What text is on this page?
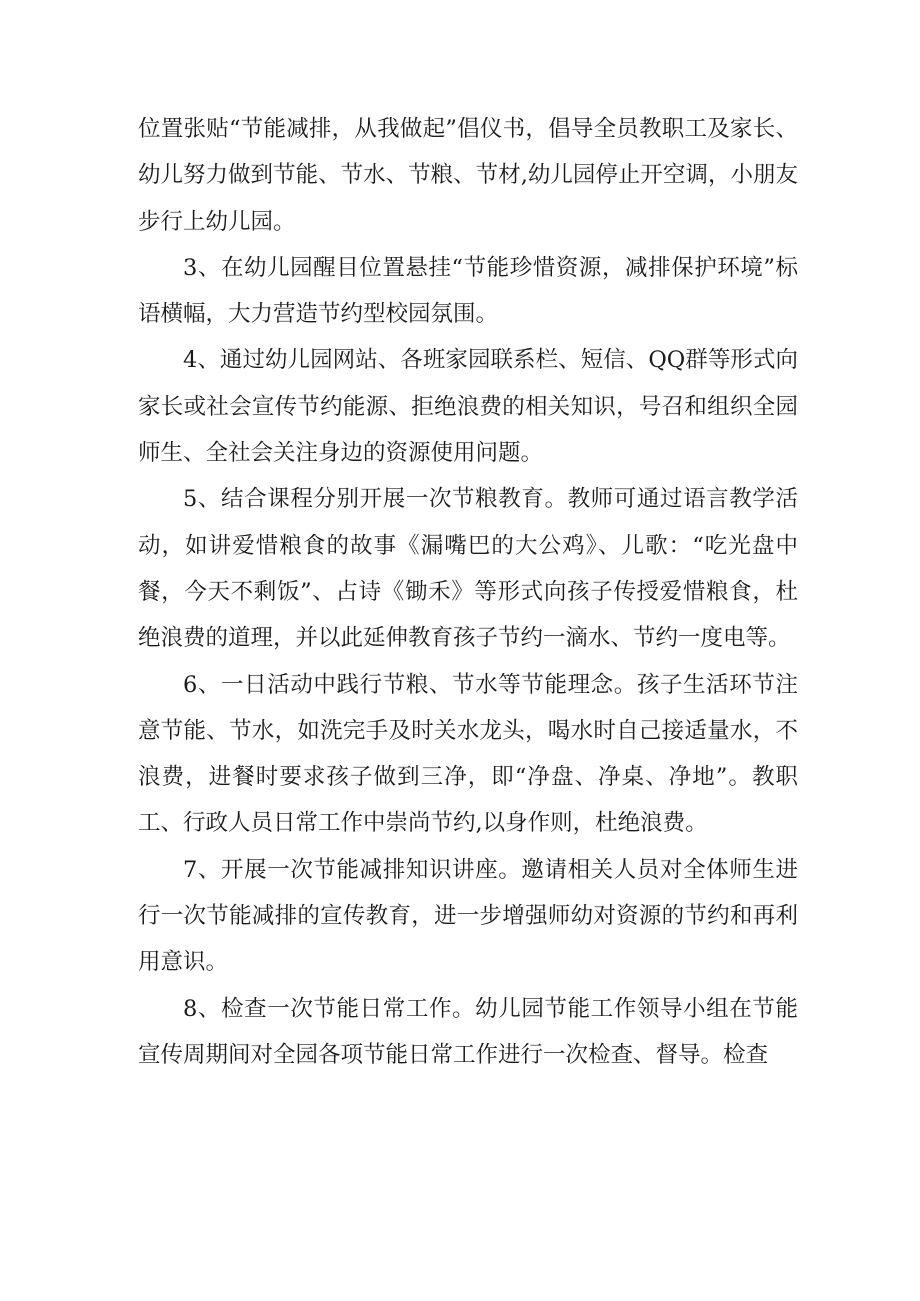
位置张贴“节能减排，从我做起”倡仪书，倡导全员教职工及家长、幼儿努力做到节能、节水、节粮、节材,幼儿园停止开空调，小朋友步行上幼儿园。

3、在幼儿园醒目位置悬挂“节能珍惜资源，减排保护环境”标语横幅，大力营造节约型校园氛围。

4、通过幼儿园网站、各班家园联系栏、短信、QQ群等形式向家长或社会宣传节约能源、拒绝浪费的相关知识，号召和组织全园师生、全社会关注身边的资源使用问题。

5、结合课程分别开展一次节粮教育。教师可通过语言教学活动，如讲爱惜粮食的故事《漏嘴巴的大公鸡》、儿歌：“吃光盘中餐，今天不剩饭”、占诗《锄禾》等形式向孩子传授爱惜粮食，杜绝浪费的道理，并以此延伸教育孩子节约一滴水、节约一度电等。

6、一日活动中践行节粮、节水等节能理念。孩子生活环节注意节能、节水，如洗完手及时关水龙头，喝水时自己接适量水，不浪费，进餐时要求孩子做到三净，即“净盘、净桌、净地”。教职工、行政人员日常工作中崇尚节约,以身作则，杜绝浪费。

7、开展一次节能减排知识讲座。邀请相关人员对全体师生进行一次节能减排的宣传教育，进一步增强师幼对资源的节约和再利用意识。

8、检查一次节能日常工作。幼儿园节能工作领导小组在节能宣传周期间对全园各项节能日常工作进行一次检查、督导。检查
